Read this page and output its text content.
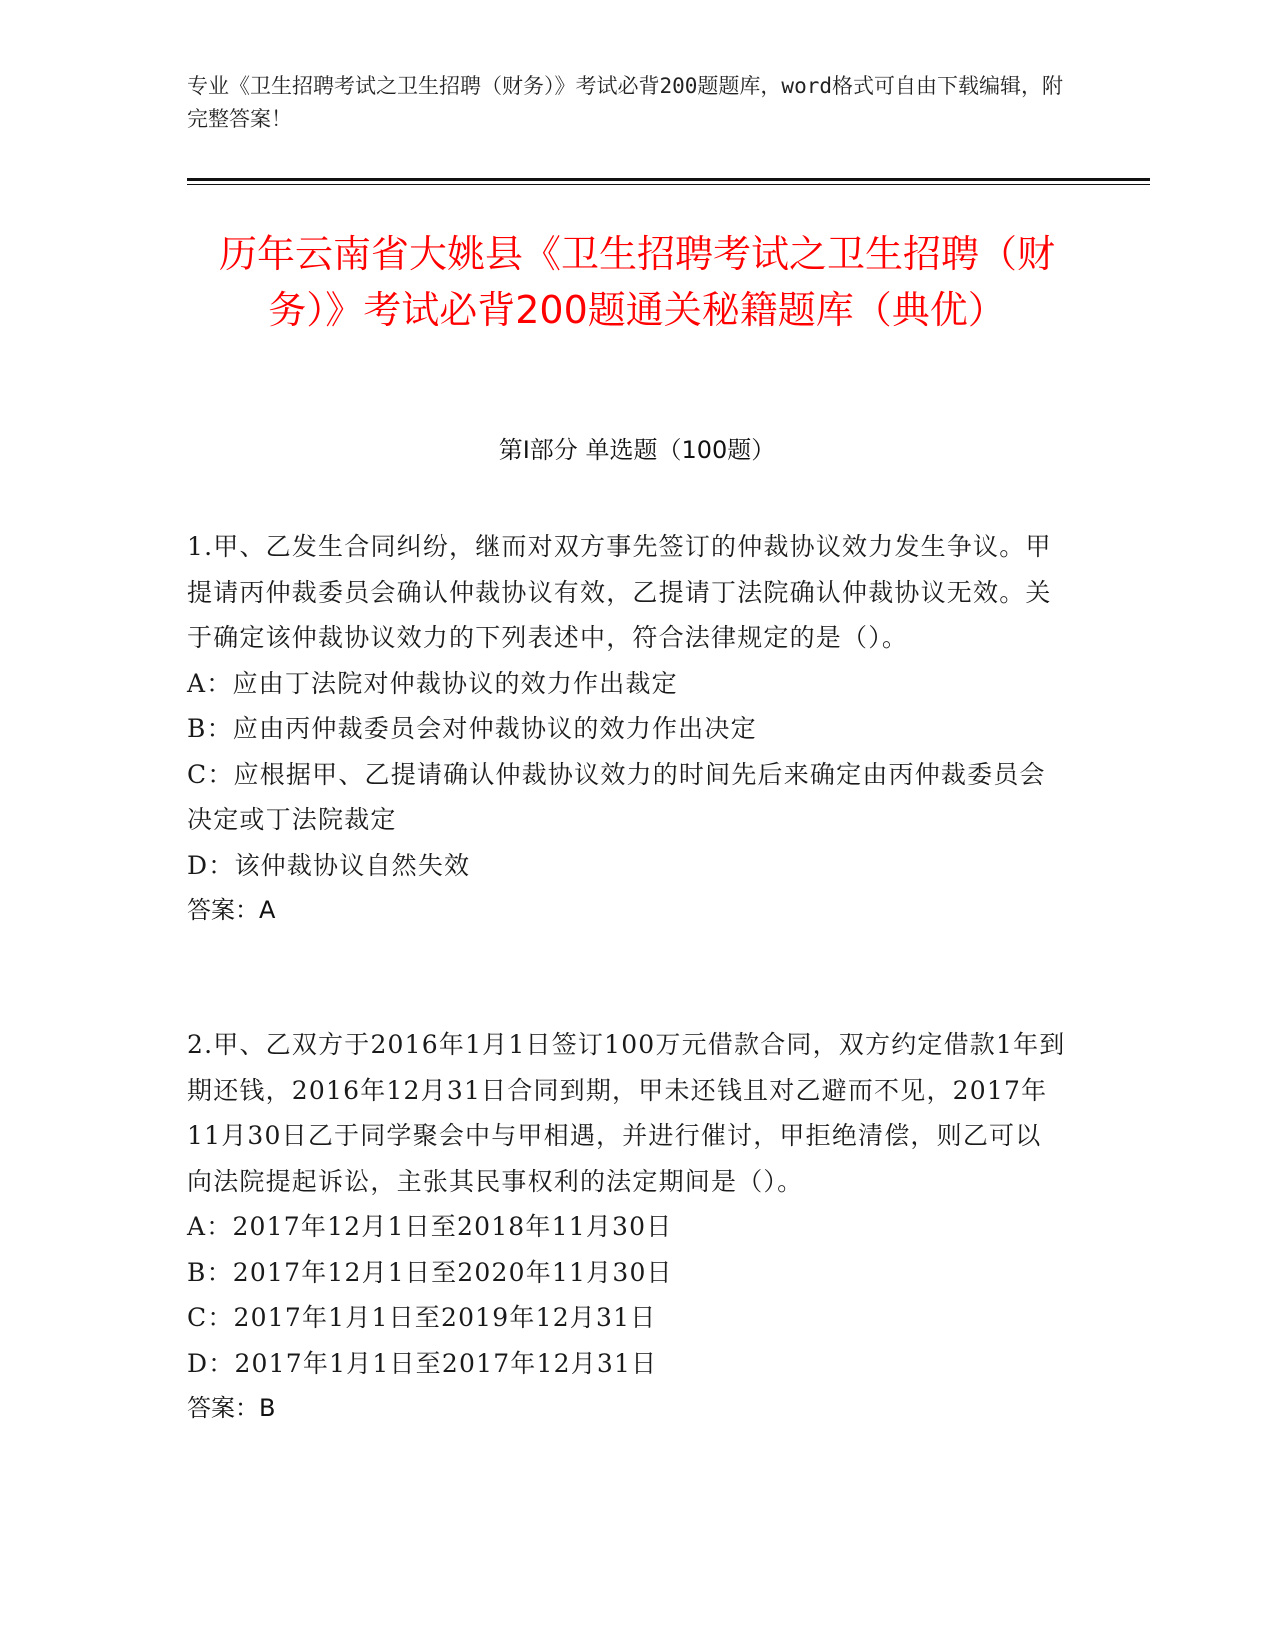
专业《卫生招聘考试之卫生招聘（财务）》考试必背200题题库，word格式可自由下载编辑，附完整答案！
历年云南省大姚县《卫生招聘考试之卫生招聘（财务）》考试必背200题通关秘籍题库（典优）
第Ⅰ部分 单选题（100题）
1.甲、乙发生合同纠纷，继而对双方事先签订的仲裁协议效力发生争议。甲提请丙仲裁委员会确认仲裁协议有效，乙提请丁法院确认仲裁协议无效。关于确定该仲裁协议效力的下列表述中，符合法律规定的是（）。
A：应由丁法院对仲裁协议的效力作出裁定
B：应由丙仲裁委员会对仲裁协议的效力作出决定
C：应根据甲、乙提请确认仲裁协议效力的时间先后来确定由丙仲裁委员会决定或丁法院裁定
D：该仲裁协议自然失效
答案：A
2.甲、乙双方于2016年1月1日签订100万元借款合同，双方约定借款1年到期还钱，2016年12月31日合同到期，甲未还钱且对乙避而不见，2017年11月30日乙于同学聚会中与甲相遇，并进行催讨，甲拒绝清偿，则乙可以向法院提起诉讼，主张其民事权利的法定期间是（）。
A：2017年12月1日至2018年11月30日
B：2017年12月1日至2020年11月30日
C：2017年1月1日至2019年12月31日
D：2017年1月1日至2017年12月31日
答案：B
